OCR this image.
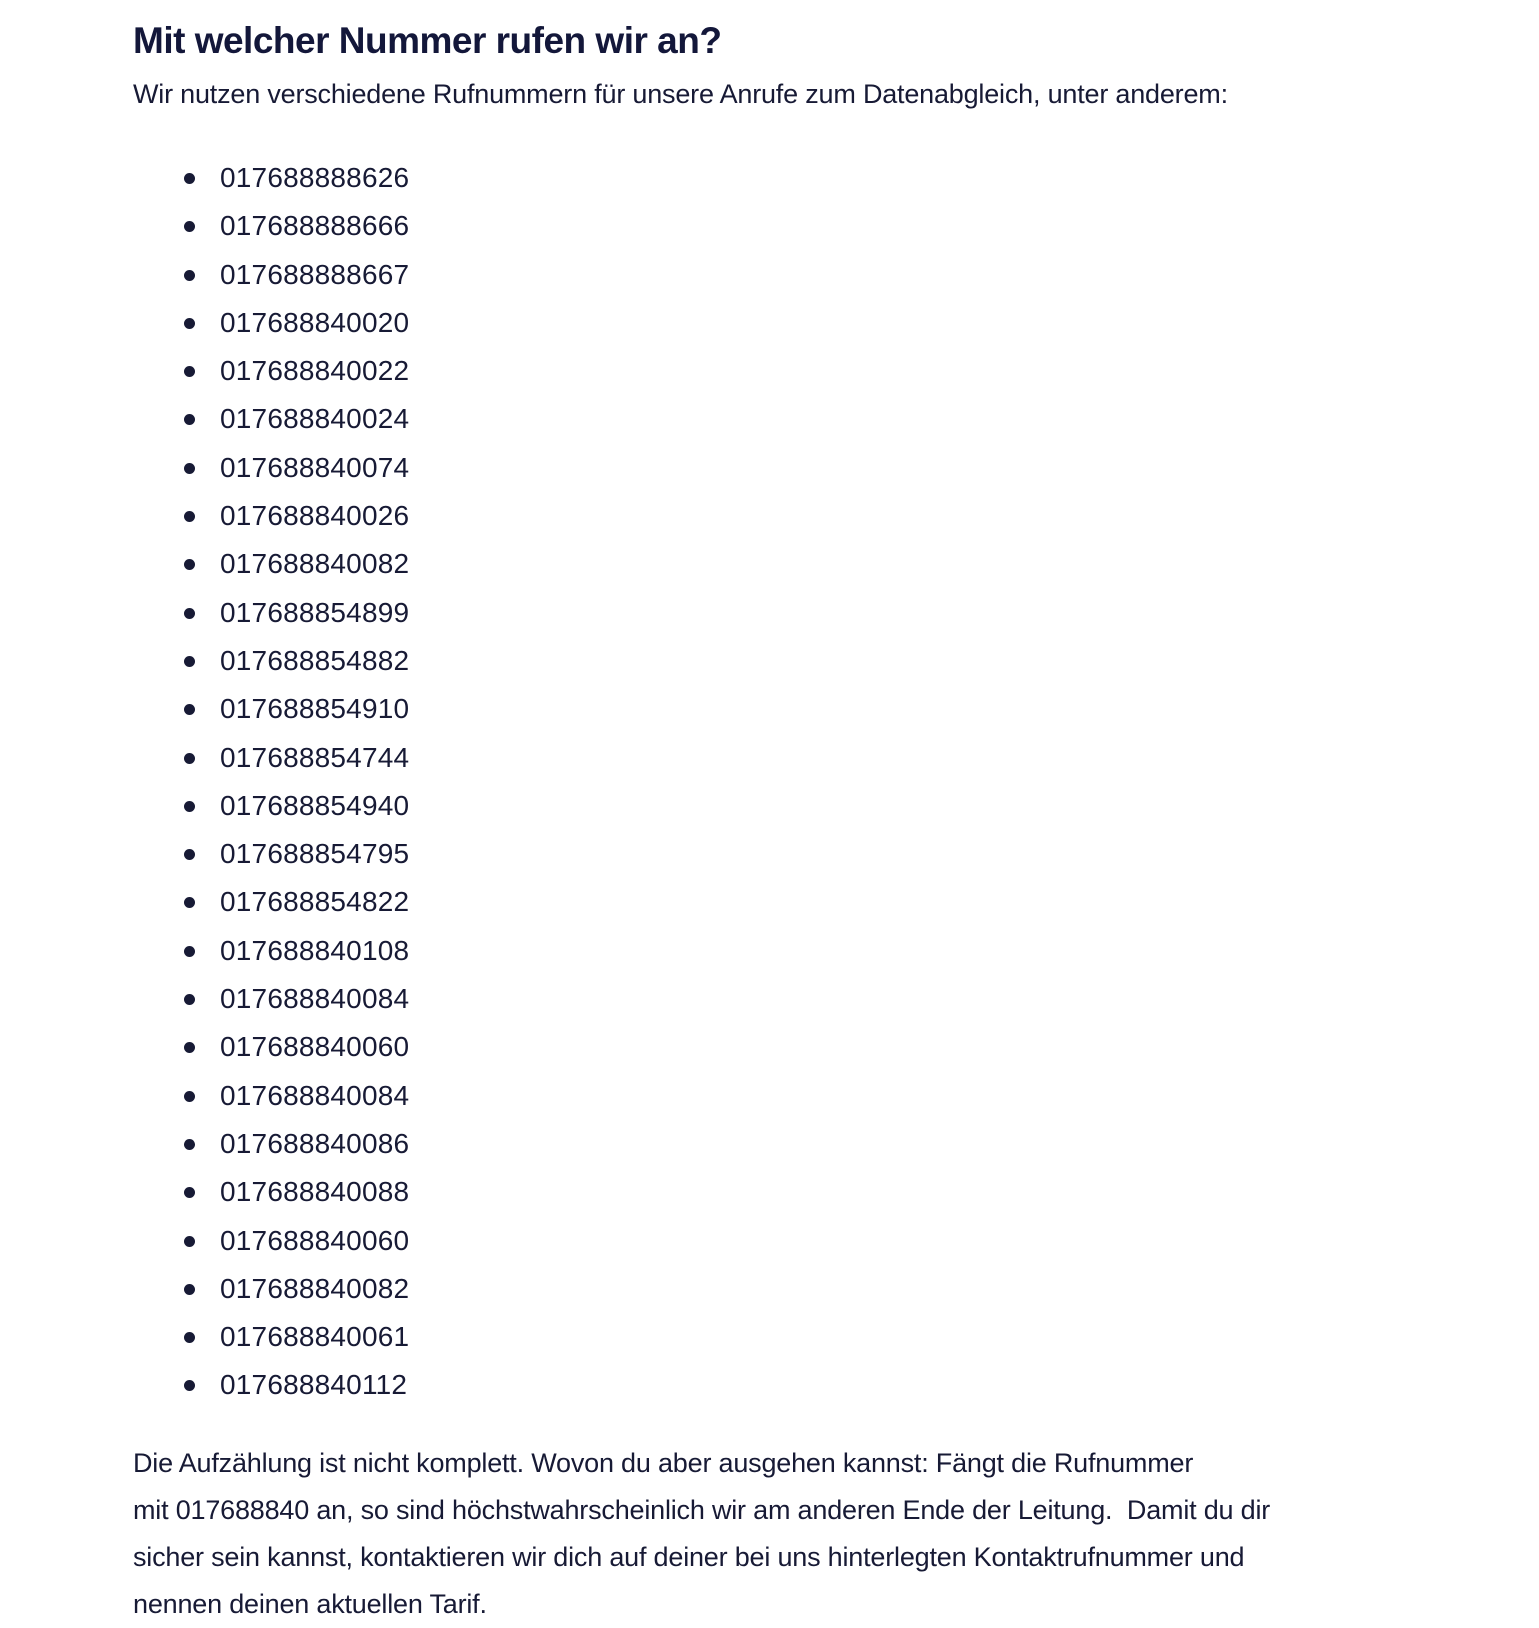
Mit welcher Nummer rufen wir an?

Wir nutzen verschiedene Rufnummern für unsere Anrufe zum Datenabgleich, unter anderem:

017688888626
017688888666
017688888667
017688840020
017688840022
017688840024
017688840074
017688840026
017688840082
017688854899
017688854882
017688854910
017688854744
017688854940
017688854795
017688854822
017688840108
017688840084
017688840060
017688840084
017688840086
017688840088
017688840060
017688840082
017688840061
017688840112
Die Aufzählung ist nicht komplett. Wovon du aber ausgehen kannst: Fängt die Rufnummer
mit 017688840 an, so sind höchstwahrscheinlich wir am anderen Ende der Leitung.  Damit du dir
sicher sein kannst, kontaktieren wir dich auf deiner bei uns hinterlegten Kontaktrufnummer und
nennen deinen aktuellen Tarif.
